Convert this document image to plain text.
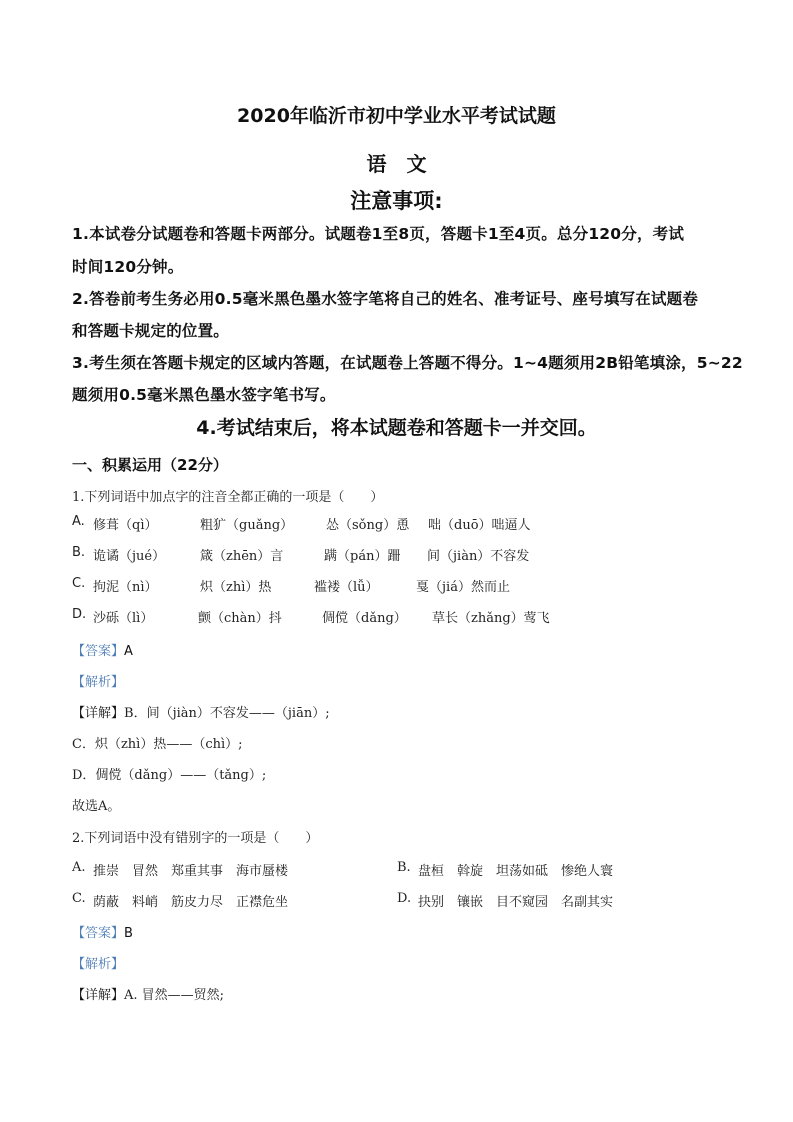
2020年临沂市初中学业水平考试试题
语文
注意事项:
1.本试卷分试题卷和答题卡两部分。试题卷1至8页，答题卡1至4页。总分120分，考试
时间120分钟。
2.答卷前考生务必用0.5毫米黑色墨水签字笔将自己的姓名、准考证号、座号填写在试题卷
和答题卡规定的位置。
3.考生须在答题卡规定的区域内答题，在试题卷上答题不得分。1~4题须用2B铅笔填涂，5~22
题须用0.5毫米黑色墨水签字笔书写。
4.考试结束后，将本试题卷和答题卡一并交回。
一、积累运用（22分）
1.下列词语中加点字的注音全都正确的一项是（　　）
A. 修葺（qì）	粗犷（guǎng）	怂（sǒng）恿 咄（duō）咄逼人
B. 诡谲（jué）	箴（zhēn）言	蹒（pán）跚 间（jiàn）不容发
C. 拘泥（nì）	炽（zhì）热	褴褛（lǚ）	戛（jiá）然而止
D. 沙砾（lì）	颤（chàn）抖	倜傥（dǎng） 草长（zhǎng）莺飞
【答案】A
【解析】
【详解】B．间（jiàn）不容发——（jiān）;
C．炽（zhì）热——（chì）;
D．倜傥（dǎng）——（tǎng）;
故选A。
2.下列词语中没有错别字的一项是（　　）
A. 推崇　冒然　郑重其事　海市蜃楼	B. 盘桓　斡旋　坦荡如砥　惨绝人寰
C. 荫蔽　料峭　筋皮力尽　正襟危坐	D. 抉别　镶嵌　目不窥园　名副其实
【答案】B
【解析】
【详解】A. 冒然——贸然;
